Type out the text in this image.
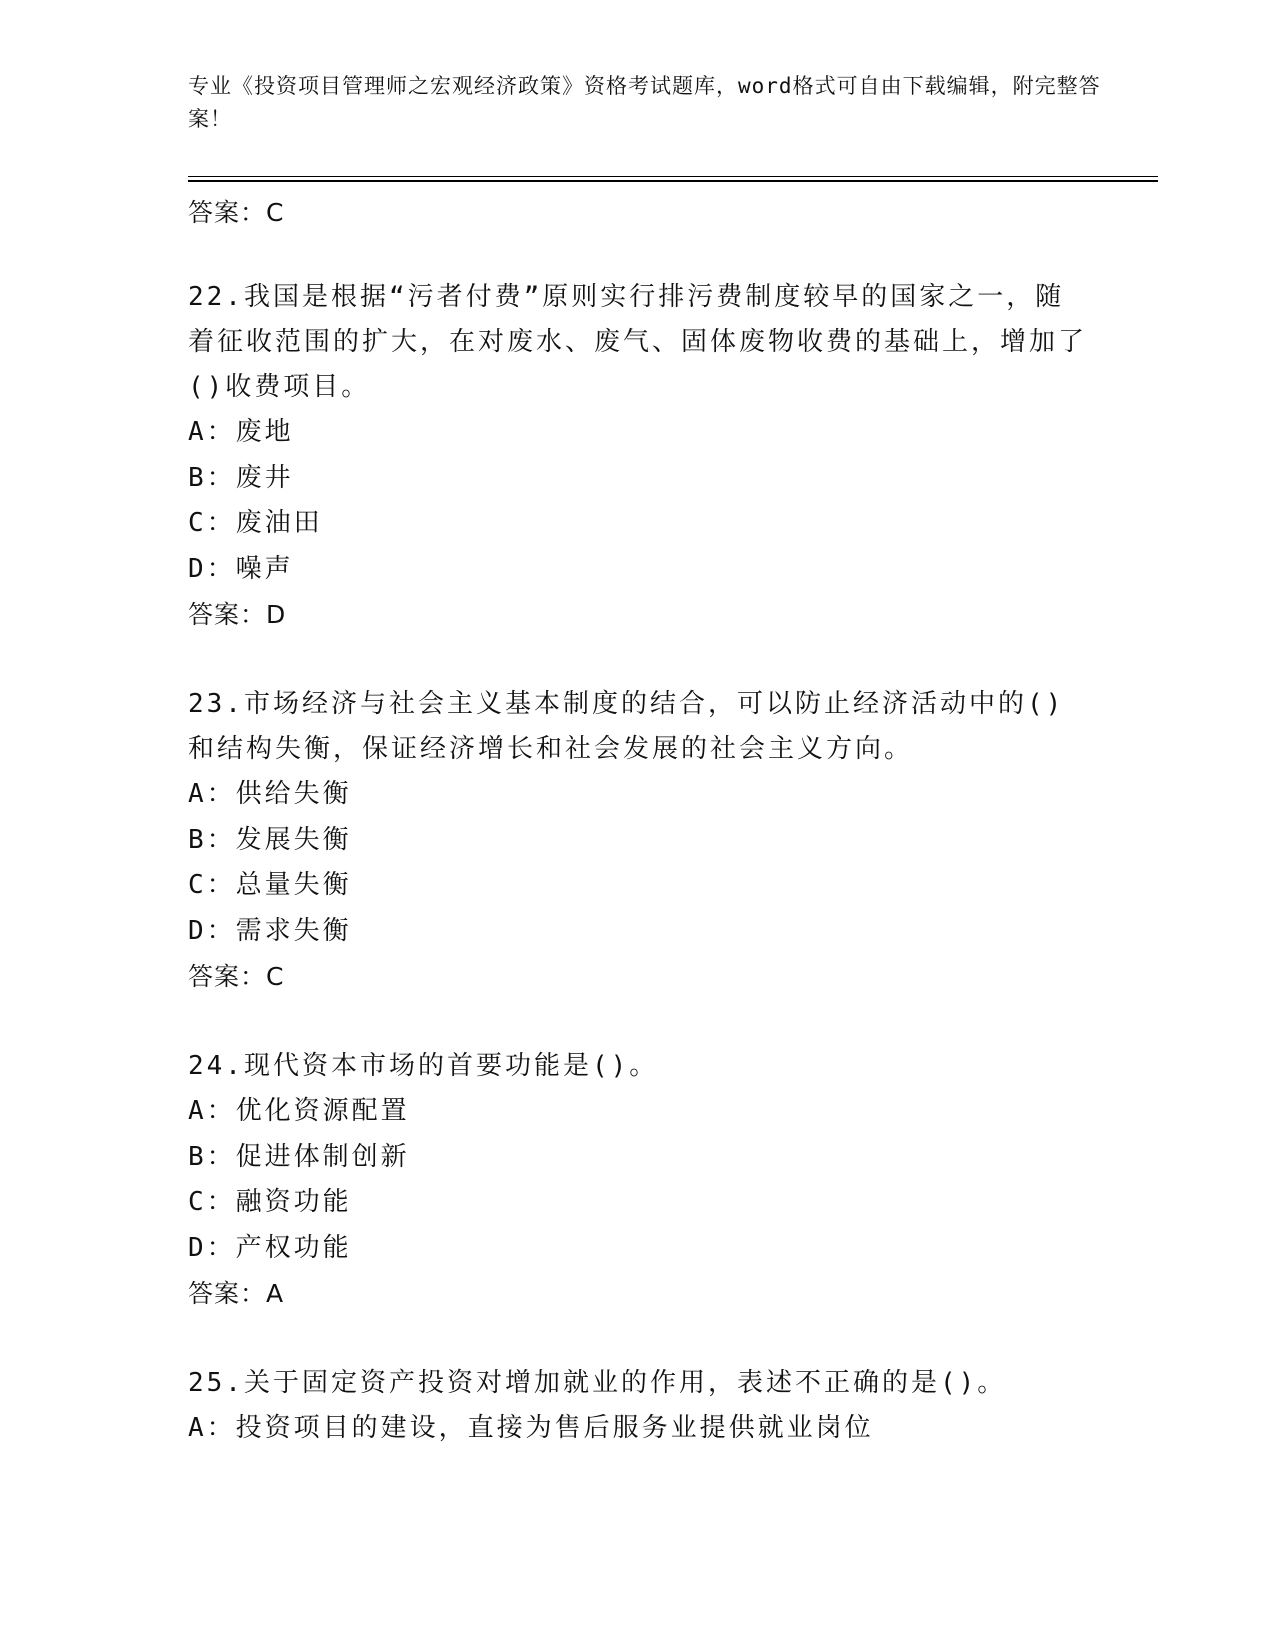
专业《投资项目管理师之宏观经济政策》资格考试题库，word格式可自由下载编辑，附完整答案！

答案：C

22.我国是根据“污者付费”原则实行排污费制度较早的国家之一，随着征收范围的扩大，在对废水、废气、固体废物收费的基础上，增加了()收费项目。

A：废地

B：废井

C：废油田

D：噪声

答案：D

23.市场经济与社会主义基本制度的结合，可以防止经济活动中的()和结构失衡，保证经济增长和社会发展的社会主义方向。

A：供给失衡

B：发展失衡

C：总量失衡

D：需求失衡

答案：C

24.现代资本市场的首要功能是()。

A：优化资源配置

B：促进体制创新

C：融资功能

D：产权功能

答案：A

25.关于固定资产投资对增加就业的作用，表述不正确的是()。

A：投资项目的建设，直接为售后服务业提供就业岗位
